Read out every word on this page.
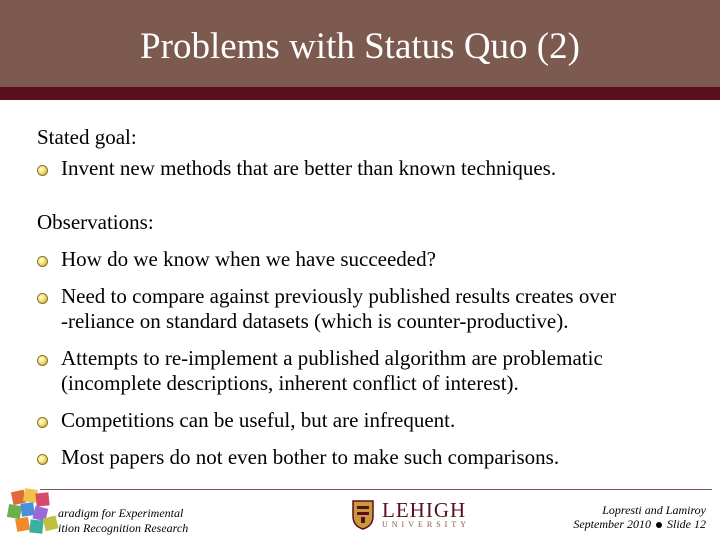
Problems with Status Quo (2)
Stated goal:
Invent new methods that are better than known techniques.
Observations:
How do we know when we have succeeded?
Need to compare against previously published results creates over
-reliance on standard datasets (which is counter-productive).
Attempts to re-implement a published algorithm are problematic
(incomplete descriptions, inherent conflict of interest).
Competitions can be useful, but are infrequent.
Most papers do not even bother to make such comparisons.
aradigm for Experimental
ition Recognition Research
LEHIGH
UNIVERSITY
Lopresti and Lamiroy
September 2010 Slide 12
